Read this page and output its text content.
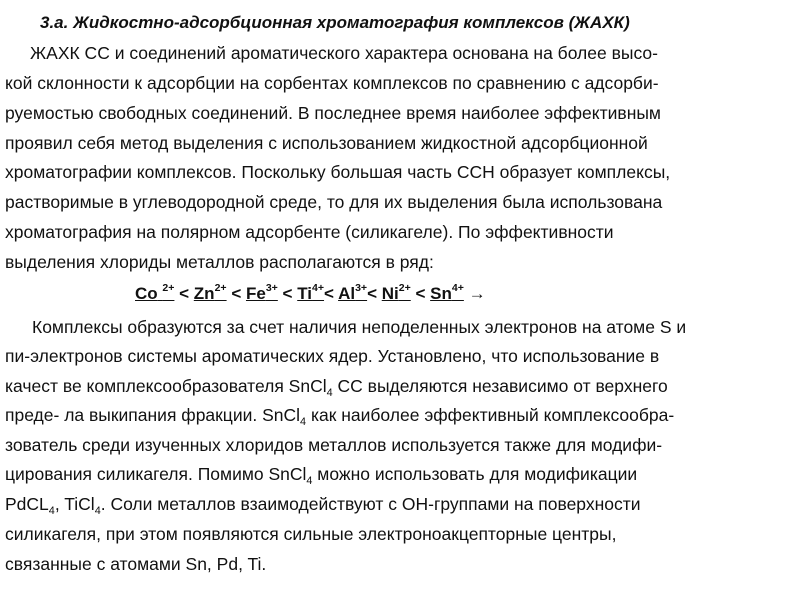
3.а. Жидкостно-адсорбционная хроматография комплексов (ЖАХК)
ЖАХК СС и соединений ароматического характера основана на более высо-
кой склонности к адсорбции на сорбентах комплексов по сравнению с адсорби-
руемостью свободных соединений. В последнее время наиболее эффективным
проявил себя метод выделения с использованием жидкостной адсорбционной
хроматографии комплексов. Поскольку большая часть ССН образует комплексы,
растворимые в углеводородной среде, то для их выделения была использована
хроматография на полярном адсорбенте (силикагеле). По эффективности
выделения хлориды металлов располагаются в ряд:
Co $^{2+} < Zn^{2+} < Fe^{3+} < Ti^{4+}< Al^{3+}< Ni^{2+} < Sn^{4+}$ →
Комплексы образуются за счет наличия неподеленных электронов на атоме S и
пи-электронов системы ароматических ядер. Установлено, что использование в
качест ве комплексообразователя SnCl$_4$ СС выделяются независимо от верхнего
преде- ла выкипания фракции. SnCl$_4$ как наиболее эффективный комплексообра-
зователь среди изученных хлоридов металлов используется также для модифи-
цирования силикагеля. Помимо SnCl$_4$ можно использовать для модификации
PdCL$_4$, TiCl$_4$. Соли металлов взаимодействуют с ОН-группами на поверхности
силикагеля, при этом появляются сильные электроноакцепторные центры,
связанные с атомами Sn, Pd, Ti.
